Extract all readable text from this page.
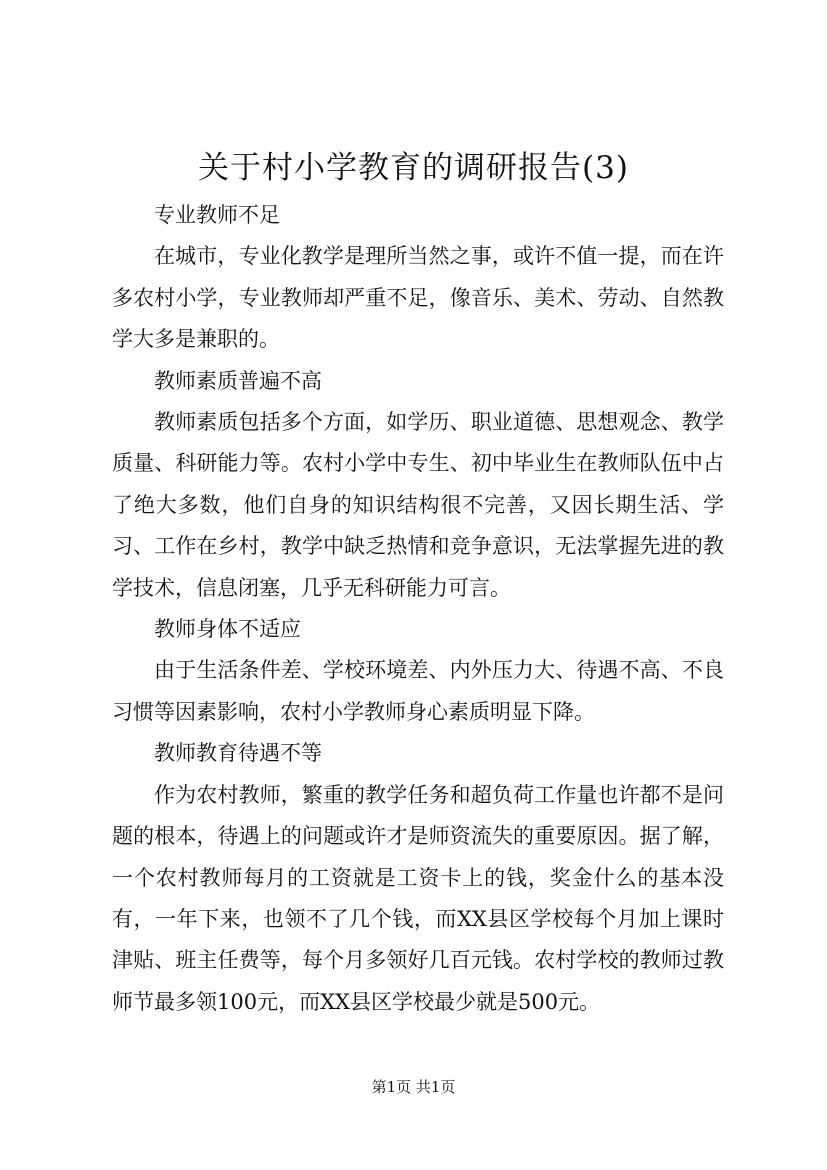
关于村小学教育的调研报告(3)

专业教师不足

在城市，专业化教学是理所当然之事，或许不值一提，而在许多农村小学，专业教师却严重不足，像音乐、美术、劳动、自然教学大多是兼职的。

教师素质普遍不高

教师素质包括多个方面，如学历、职业道德、思想观念、教学质量、科研能力等。农村小学中专生、初中毕业生在教师队伍中占了绝大多数，他们自身的知识结构很不完善，又因长期生活、学习、工作在乡村，教学中缺乏热情和竞争意识，无法掌握先进的教学技术，信息闭塞，几乎无科研能力可言。

教师身体不适应

由于生活条件差、学校环境差、内外压力大、待遇不高、不良习惯等因素影响，农村小学教师身心素质明显下降。

教师教育待遇不等

作为农村教师，繁重的教学任务和超负荷工作量也许都不是问题的根本，待遇上的问题或许才是师资流失的重要原因。据了解，一个农村教师每月的工资就是工资卡上的钱，奖金什么的基本没有，一年下来，也领不了几个钱，而XX县区学校每个月加上课时津贴、班主任费等，每个月多领好几百元钱。农村学校的教师过教师节最多领100元，而XX县区学校最少就是500元。

第1页 共1页
